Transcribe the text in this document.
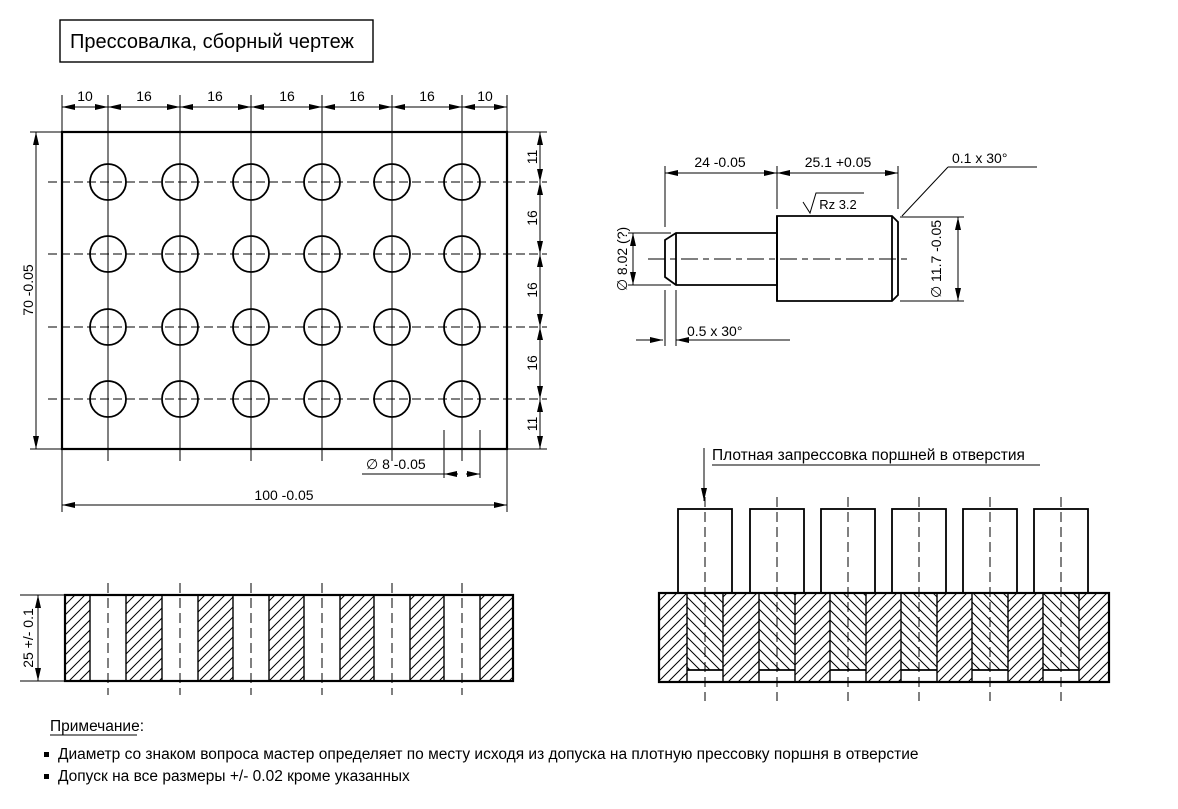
Прессовалка, сборный чертеж
10	16	16	16	16	16	10
11
16
16
16
11
70 -0.05
100 -0.05
∅ 8 -0.05
Rz 3.2
24 -0.05	25.1 +0.05	0.1 x 30°
0.5 x 30°
∅ 8.02 (?)	∅ 11.7 -0.05
25 +/- 0.1
Плотная запрессовка поршней в отверстия
Примечание:
Диаметр со знаком вопроса мастер определяет по месту исходя из допуска на плотную прессовку поршня в отверстие
Допуск на все размеры +/- 0.02 кроме указанных
